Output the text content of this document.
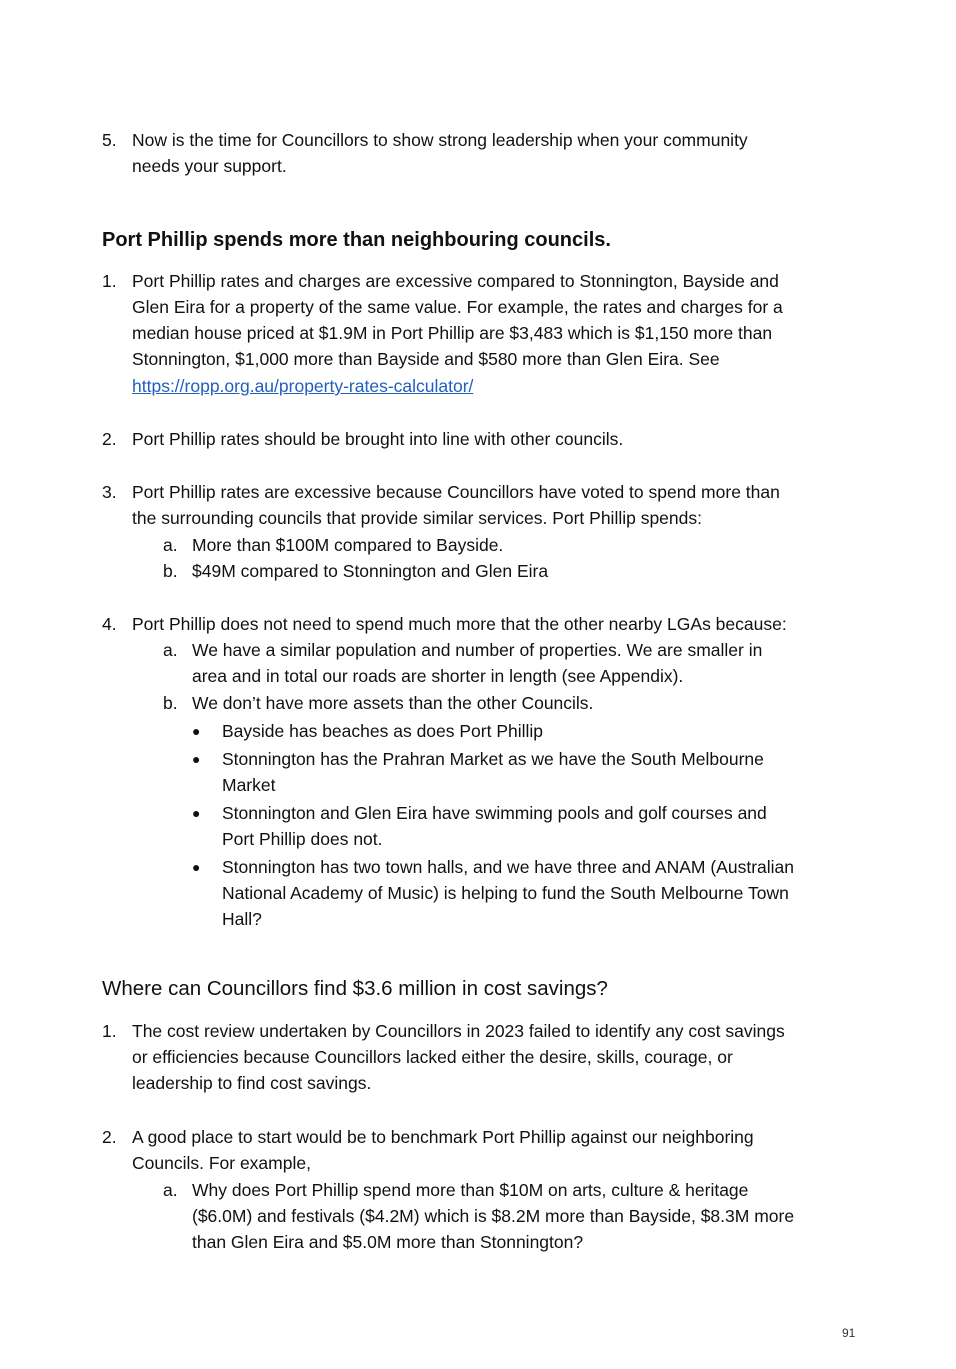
5. Now is the time for Councillors to show strong leadership when your community
needs your support.
Port Phillip spends more than neighbouring councils.
1. Port Phillip rates and charges are excessive compared to Stonnington, Bayside and
Glen Eira for a property of the same value. For example, the rates and charges for a
median house priced at $1.9M in Port Phillip are $3,483 which is $1,150 more than
Stonnington, $1,000 more than Bayside and $580 more than Glen Eira. See
https://ropp.org.au/property-rates-calculator/
2. Port Phillip rates should be brought into line with other councils.
3. Port Phillip rates are excessive because Councillors have voted to spend more than
the surrounding councils that provide similar services. Port Phillip spends:
a. More than $100M compared to Bayside.
b. $49M compared to Stonnington and Glen Eira
4. Port Phillip does not need to spend much more that the other nearby LGAs because:
a. We have a similar population and number of properties. We are smaller in
area and in total our roads are shorter in length (see Appendix).
b. We don’t have more assets than the other Councils.
● Bayside has beaches as does Port Phillip
● Stonnington has the Prahran Market as we have the South Melbourne
Market
● Stonnington and Glen Eira have swimming pools and golf courses and
Port Phillip does not.
● Stonnington has two town halls, and we have three and ANAM (Australian
National Academy of Music) is helping to fund the South Melbourne Town
Hall?
Where can Councillors find $3.6 million in cost savings?
1. The cost review undertaken by Councillors in 2023 failed to identify any cost savings
or efficiencies because Councillors lacked either the desire, skills, courage, or
leadership to find cost savings.
2. A good place to start would be to benchmark Port Phillip against our neighboring
Councils. For example,
a. Why does Port Phillip spend more than $10M on arts, culture & heritage
($6.0M) and festivals ($4.2M) which is $8.2M more than Bayside, $8.3M more
than Glen Eira and $5.0M more than Stonnington?
91
